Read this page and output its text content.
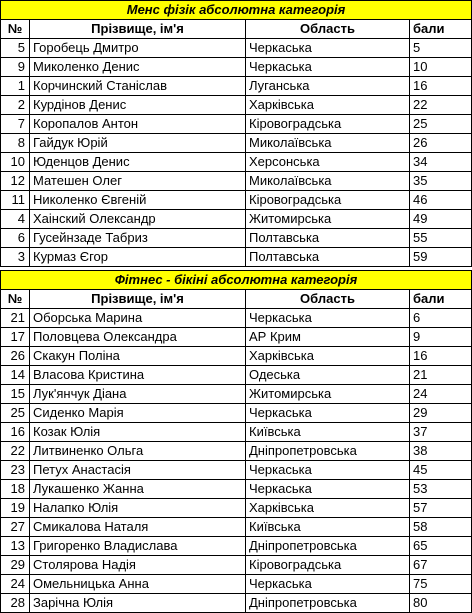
Менс фізік абсолютна категорія			
№	Прізвище, ім'я	Область	бали
5	Горобець Дмитро	Черкаська	5
9	Миколенко Денис	Черкаська	10
1	Корчинский Станіслав	Луганська	16
2	Курдінов Денис	Харківська	22
7	Коропалов Антон	Кіровоградська	25
8	Гайдук Юрій	Миколаївська	26
10	Юденцов Денис	Херсонська	34
12	Матешен Олег	Миколаївська	35
11	Николенко Євгеній	Кіровоградська	46
4	Хаінский Олександр	Житомирська	49
6	Гусейнзаде Табриз	Полтавська	55
3	Курмаз Єгор	Полтавська	59

Фітнес - бікіні абсолютна категорія			
№	Прізвище, ім'я	Область	бали
21	Оборська Марина	Черкаська	6
17	Половцева Олександра	АР Крим	9
26	Скакун Поліна	Харківська	16
14	Власова Кристина	Одеська	21
15	Лук'янчук Діана	Житомирська	24
25	Сиденко Марія	Черкаська	29
16	Козак Юлія	Київська	37
22	Литвиненко Ольга	Дніпропетровська	38
23	Петух Анастасія	Черкаська	45
18	Лукашенко Жанна	Черкаська	53
19	Налапко Юлія	Харківська	57
27	Смикалова Наталя	Київська	58
13	Григоренко Владислава	Дніпропетровська	65
29	Столярова Надія	Кіровоградська	67
24	Омельницька Анна	Черкаська	75
28	Зарічна Юлія	Дніпропетровська	80
